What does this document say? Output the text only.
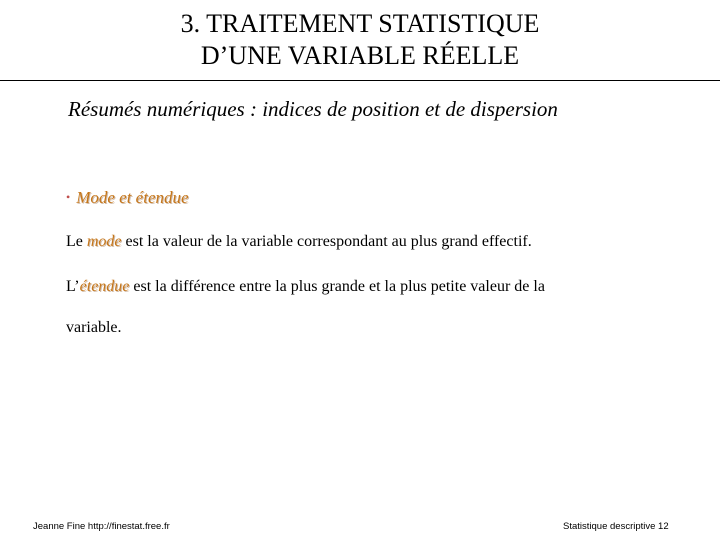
3. TRAITEMENT STATISTIQUE
D’UNE VARIABLE RÉELLE
Résumés numériques : indices de position et de dispersion
• Mode et étendue
Le mode est la valeur de la variable correspondant au plus grand effectif.
L’étendue est la différence entre la plus grande et la plus petite valeur de la
variable.
Jeanne Fine http://finestat.free.fr	Statistique descriptive 12
